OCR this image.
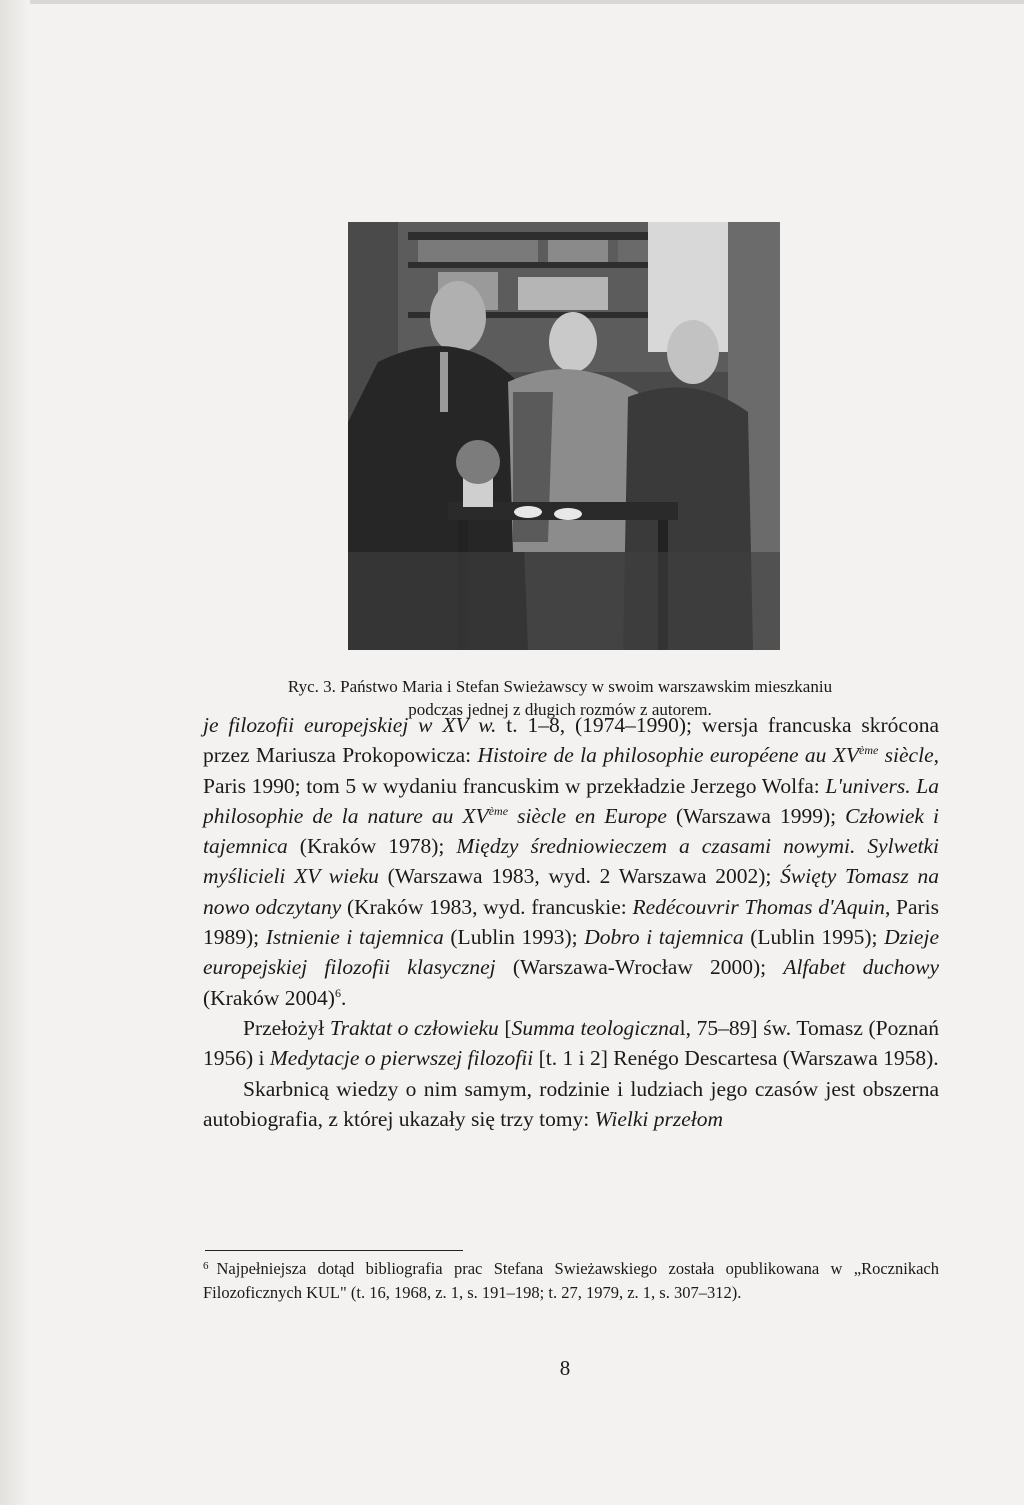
Ryc. 3. Państwo Maria i Stefan Swieżawscy w swoim warszawskim mieszkaniu
podczas jednej z długich rozmów z autorem.

je filozofii europejskiej w XV w. t. 1–8, (1974–1990); wersja francuska skrócona przez Mariusza Prokopowicza: Histoire de la philosophie européene au XVème siècle, Paris 1990; tom 5 w wydaniu francuskim w przekładzie Jerzego Wolfa: L'univers. La philosophie de la nature au XVème siècle en Europe (Warszawa 1999); Człowiek i tajemnica (Kraków 1978); Między średniowieczem a czasami nowymi. Sylwetki myślicieli XV wieku (Warszawa 1983, wyd. 2 Warszawa 2002); Święty Tomasz na nowo odczytany (Kraków 1983, wyd. francuskie: Redécouvrir Thomas d'Aquin, Paris 1989); Istnienie i tajemnica (Lublin 1993); Dobro i tajemnica (Lublin 1995); Dzieje europejskiej filozofii klasycznej (Warszawa-Wrocław 2000); Alfabet duchowy (Kraków 2004)$^6$.

Przełożył Traktat o człowieku [Summa teologicznal, 75–89] św. Tomasz (Poznań 1956) i Medytacje o pierwszej filozofii [t. 1 i 2] Renégo Descartesa (Warszawa 1958).

Skarbnicą wiedzy o nim samym, rodzinie i ludziach jego czasów jest obszerna autobiografia, z której ukazały się trzy tomy: Wielki przełom

$^6$ Najpełniejsza dotąd bibliografia prac Stefana Swieżawskiego została opublikowana w „Rocznikach Filozoficznych KUL" (t. 16, 1968, z. 1, s. 191–198; t. 27, 1979, z. 1, s. 307–312).
8
